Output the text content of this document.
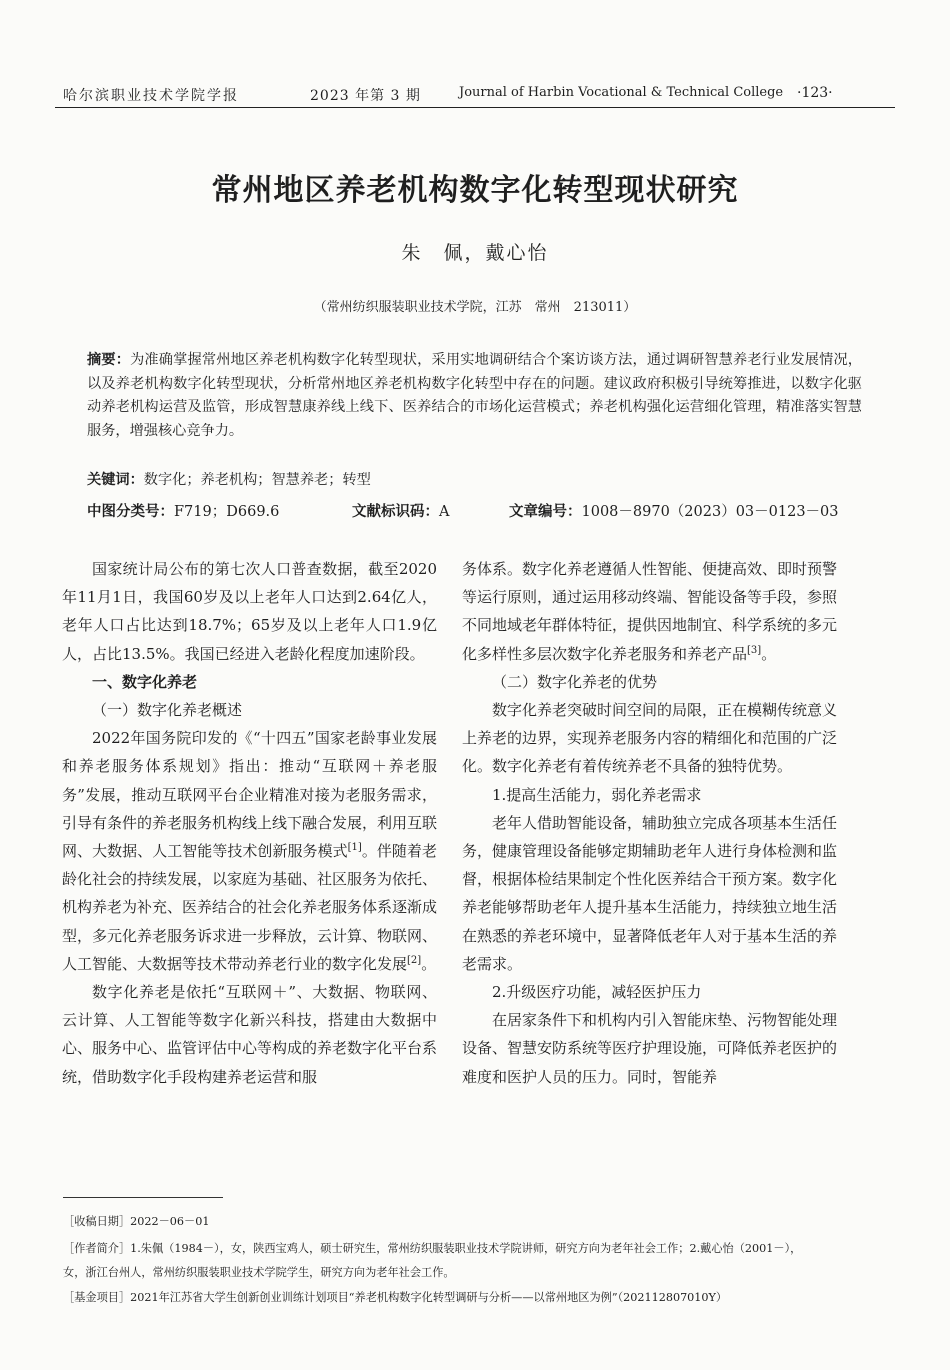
哈尔滨职业技术学院学报	2023 年第 3 期	Journal of Harbin Vocational & Technical College ·123·
常州地区养老机构数字化转型现状研究
朱　佩，戴心怡
（常州纺织服装职业技术学院，江苏　常州　213011）
摘要：为准确掌握常州地区养老机构数字化转型现状，采用实地调研结合个案访谈方法，通过调研智慧养老行业发展情况，以及养老机构数字化转型现状，分析常州地区养老机构数字化转型中存在的问题。建议政府积极引导统筹推进，以数字化驱动养老机构运营及监管，形成智慧康养线上线下、医养结合的市场化运营模式；养老机构强化运营细化管理，精准落实智慧服务，增强核心竞争力。
关键词：数字化；养老机构；智慧养老；转型
中图分类号：F719；D669.6	文献标识码：A	文章编号：1008－8970（2023）03－0123－03

国家统计局公布的第七次人口普查数据，截至2020年11月1日，我国60岁及以上老年人口达到2.64亿人，老年人口占比达到18.7%；65岁及以上老年人口1.9亿人，占比13.5%。我国已经进入老龄化程度加速阶段。

一、数字化养老

（一）数字化养老概述

2022年国务院印发的《“十四五”国家老龄事业发展和养老服务体系规划》指出：推动“互联网＋养老服务”发展，推动互联网平台企业精准对接为老服务需求，引导有条件的养老服务机构线上线下融合发展，利用互联网、大数据、人工智能等技术创新服务模式[1]。伴随着老龄化社会的持续发展，以家庭为基础、社区服务为依托、机构养老为补充、医养结合的社会化养老服务体系逐渐成型，多元化养老服务诉求进一步释放，云计算、物联网、人工智能、大数据等技术带动养老行业的数字化发展[2]。

数字化养老是依托“互联网＋”、大数据、物联网、云计算、人工智能等数字化新兴科技，搭建由大数据中心、服务中心、监管评估中心等构成的养老数字化平台系统，借助数字化手段构建养老运营和服

务体系。数字化养老遵循人性智能、便捷高效、即时预警等运行原则，通过运用移动终端、智能设备等手段，参照不同地域老年群体特征，提供因地制宜、科学系统的多元化多样性多层次数字化养老服务和养老产品[3]。

（二）数字化养老的优势

数字化养老突破时间空间的局限，正在模糊传统意义上养老的边界，实现养老服务内容的精细化和范围的广泛化。数字化养老有着传统养老不具备的独特优势。

1.提高生活能力，弱化养老需求

老年人借助智能设备，辅助独立完成各项基本生活任务，健康管理设备能够定期辅助老年人进行身体检测和监督，根据体检结果制定个性化医养结合干预方案。数字化养老能够帮助老年人提升基本生活能力，持续独立地生活在熟悉的养老环境中，显著降低老年人对于基本生活的养老需求。

2.升级医疗功能，减轻医护压力

在居家条件下和机构内引入智能床垫、污物智能处理设备、智慧安防系统等医疗护理设施，可降低养老医护的难度和医护人员的压力。同时，智能养

［收稿日期］2022－06－01
［作者简介］1.朱佩（1984－），女，陕西宝鸡人，硕士研究生，常州纺织服装职业技术学院讲师，研究方向为老年社会工作；2.戴心怡（2001－），
女，浙江台州人，常州纺织服装职业技术学院学生，研究方向为老年社会工作。
［基金项目］2021年江苏省大学生创新创业训练计划项目“养老机构数字化转型调研与分析——以常州地区为例”（202112807010Y）
